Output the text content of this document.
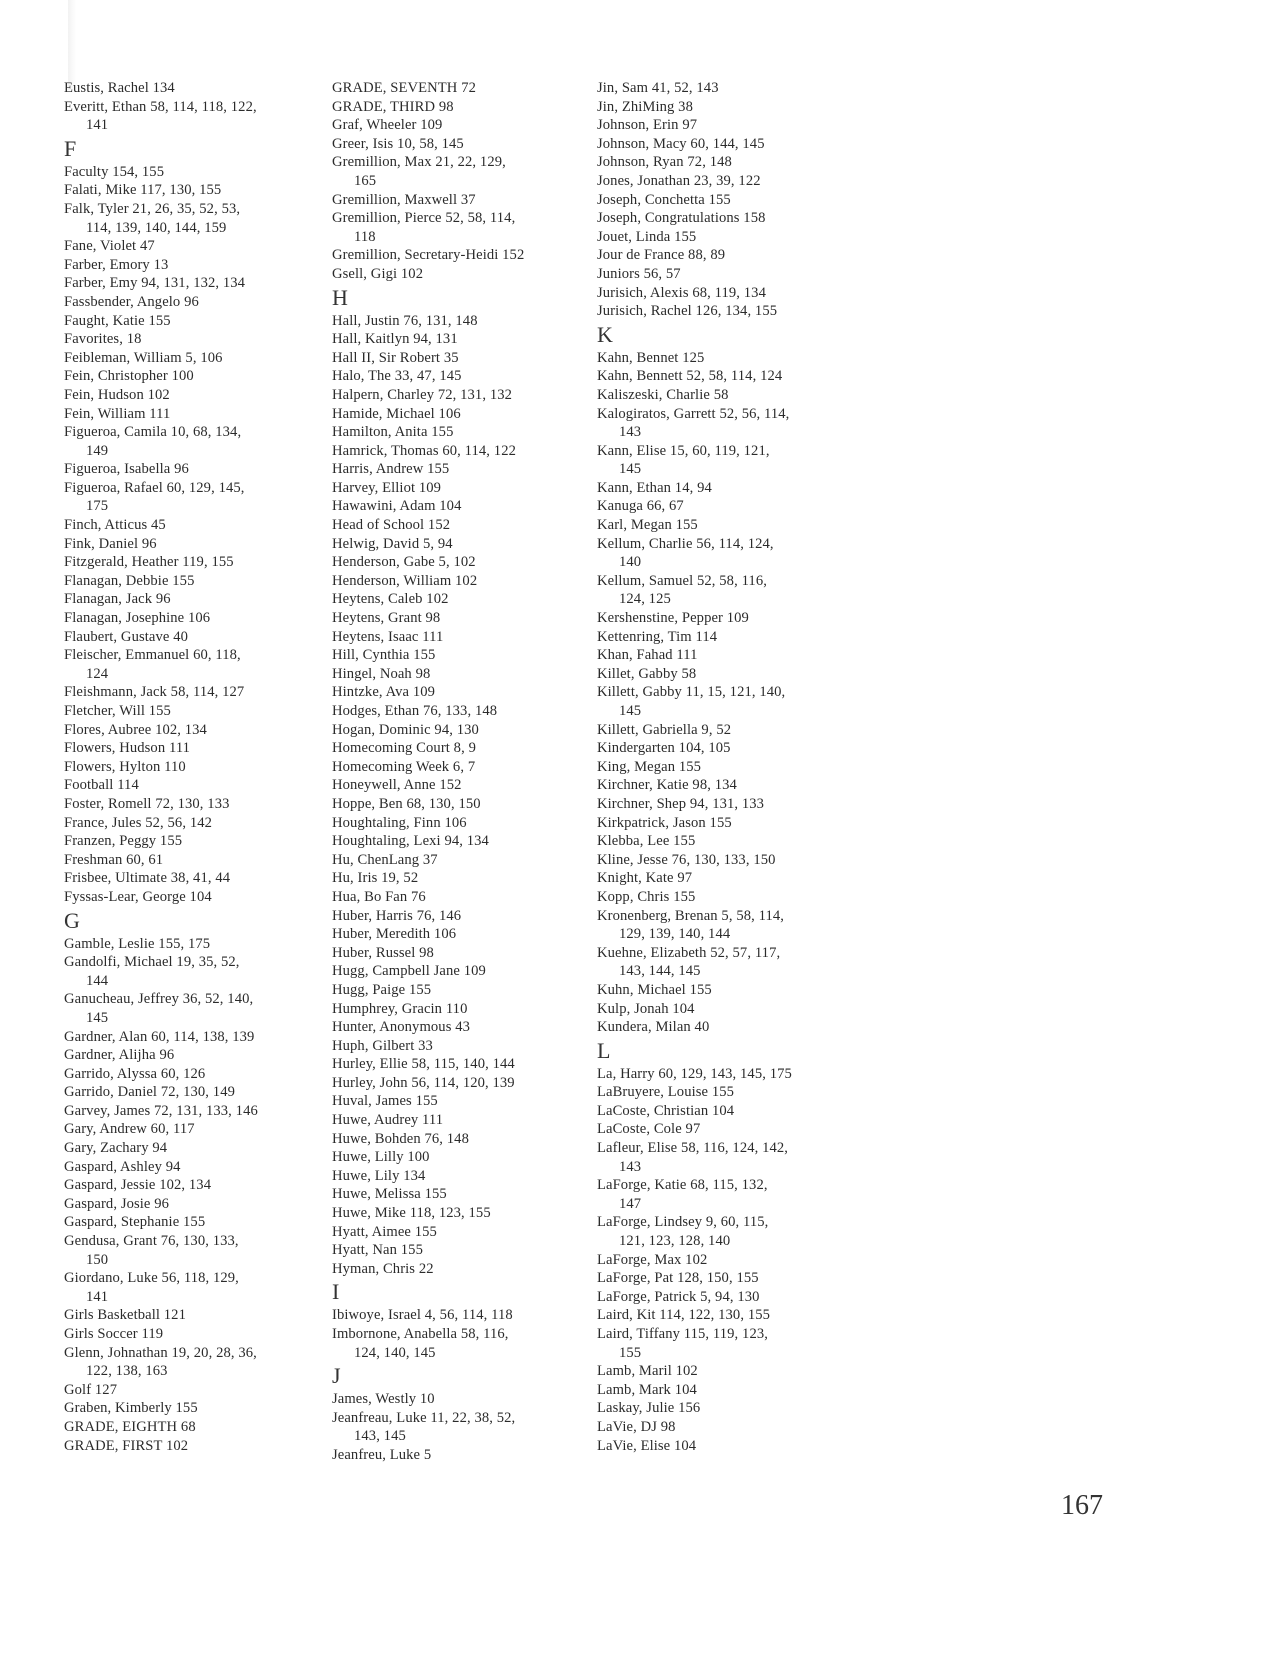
Eustis, Rachel 134
Everitt, Ethan 58, 114, 118, 122,
141
F
Faculty 154, 155
Falati, Mike 117, 130, 155
Falk, Tyler 21, 26, 35, 52, 53,
114, 139, 140, 144, 159
Fane, Violet 47
Farber, Emory 13
Farber, Emy 94, 131, 132, 134
Fassbender, Angelo 96
Faught, Katie 155
Favorites, 18
Feibleman, William 5, 106
Fein, Christopher 100
Fein, Hudson 102
Fein, William 111
Figueroa, Camila 10, 68, 134,
149
Figueroa, Isabella 96
Figueroa, Rafael 60, 129, 145,
175
Finch, Atticus 45
Fink, Daniel 96
Fitzgerald, Heather 119, 155
Flanagan, Debbie 155
Flanagan, Jack 96
Flanagan, Josephine 106
Flaubert, Gustave 40
Fleischer, Emmanuel 60, 118,
124
Fleishmann, Jack 58, 114, 127
Fletcher, Will 155
Flores, Aubree 102, 134
Flowers, Hudson 111
Flowers, Hylton 110
Football 114
Foster, Romell 72, 130, 133
France, Jules 52, 56, 142
Franzen, Peggy 155
Freshman 60, 61
Frisbee, Ultimate 38, 41, 44
Fyssas-Lear, George 104
G
Gamble, Leslie 155, 175
Gandolfi, Michael 19, 35, 52,
144
Ganucheau, Jeffrey 36, 52, 140,
145
Gardner, Alan 60, 114, 138, 139
Gardner, Alijha 96
Garrido, Alyssa 60, 126
Garrido, Daniel 72, 130, 149
Garvey, James 72, 131, 133, 146
Gary, Andrew 60, 117
Gary, Zachary 94
Gaspard, Ashley 94
Gaspard, Jessie 102, 134
Gaspard, Josie 96
Gaspard, Stephanie 155
Gendusa, Grant 76, 130, 133,
150
Giordano, Luke 56, 118, 129,
141
Girls Basketball 121
Girls Soccer 119
Glenn, Johnathan 19, 20, 28, 36,
122, 138, 163
Golf 127
Graben, Kimberly 155
GRADE, EIGHTH 68
GRADE, FIRST 102
GRADE, SEVENTH 72
GRADE, THIRD 98
Graf, Wheeler 109
Greer, Isis 10, 58, 145
Gremillion, Max 21, 22, 129,
165
Gremillion, Maxwell 37
Gremillion, Pierce 52, 58, 114,
118
Gremillion, Secretary-Heidi 152
Gsell, Gigi 102
H
Hall, Justin 76, 131, 148
Hall, Kaitlyn 94, 131
Hall II, Sir Robert 35
Halo, The 33, 47, 145
Halpern, Charley 72, 131, 132
Hamide, Michael 106
Hamilton, Anita 155
Hamrick, Thomas 60, 114, 122
Harris, Andrew 155
Harvey, Elliot 109
Hawawini, Adam 104
Head of School 152
Helwig, David 5, 94
Henderson, Gabe 5, 102
Henderson, William 102
Heytens, Caleb 102
Heytens, Grant 98
Heytens, Isaac 111
Hill, Cynthia 155
Hingel, Noah 98
Hintzke, Ava 109
Hodges, Ethan 76, 133, 148
Hogan, Dominic 94, 130
Homecoming Court 8, 9
Homecoming Week 6, 7
Honeywell, Anne 152
Hoppe, Ben 68, 130, 150
Houghtaling, Finn 106
Houghtaling, Lexi 94, 134
Hu, ChenLang 37
Hu, Iris 19, 52
Hua, Bo Fan 76
Huber, Harris 76, 146
Huber, Meredith 106
Huber, Russel 98
Hugg, Campbell Jane 109
Hugg, Paige 155
Humphrey, Gracin 110
Hunter, Anonymous 43
Huph, Gilbert 33
Hurley, Ellie 58, 115, 140, 144
Hurley, John 56, 114, 120, 139
Huval, James 155
Huwe, Audrey 111
Huwe, Bohden 76, 148
Huwe, Lilly 100
Huwe, Lily 134
Huwe, Melissa 155
Huwe, Mike 118, 123, 155
Hyatt, Aimee 155
Hyatt, Nan 155
Hyman, Chris 22
I
Ibiwoye, Israel 4, 56, 114, 118
Imbornone, Anabella 58, 116,
124, 140, 145
J
James, Westly 10
Jeanfreau, Luke 11, 22, 38, 52,
143, 145
Jeanfreu, Luke 5
Jin, Sam 41, 52, 143
Jin, ZhiMing 38
Johnson, Erin 97
Johnson, Macy 60, 144, 145
Johnson, Ryan 72, 148
Jones, Jonathan 23, 39, 122
Joseph, Conchetta 155
Joseph, Congratulations 158
Jouet, Linda 155
Jour de France 88, 89
Juniors 56, 57
Jurisich, Alexis 68, 119, 134
Jurisich, Rachel 126, 134, 155
K
Kahn, Bennet 125
Kahn, Bennett 52, 58, 114, 124
Kaliszeski, Charlie 58
Kalogiratos, Garrett 52, 56, 114,
143
Kann, Elise 15, 60, 119, 121,
145
Kann, Ethan 14, 94
Kanuga 66, 67
Karl, Megan 155
Kellum, Charlie 56, 114, 124,
140
Kellum, Samuel 52, 58, 116,
124, 125
Kershenstine, Pepper 109
Kettenring, Tim 114
Khan, Fahad 111
Killet, Gabby 58
Killett, Gabby 11, 15, 121, 140,
145
Killett, Gabriella 9, 52
Kindergarten 104, 105
King, Megan 155
Kirchner, Katie 98, 134
Kirchner, Shep 94, 131, 133
Kirkpatrick, Jason 155
Klebba, Lee 155
Kline, Jesse 76, 130, 133, 150
Knight, Kate 97
Kopp, Chris 155
Kronenberg, Brenan 5, 58, 114,
129, 139, 140, 144
Kuehne, Elizabeth 52, 57, 117,
143, 144, 145
Kuhn, Michael 155
Kulp, Jonah 104
Kundera, Milan 40
L
La, Harry 60, 129, 143, 145, 175
LaBruyere, Louise 155
LaCoste, Christian 104
LaCoste, Cole 97
Lafleur, Elise 58, 116, 124, 142,
143
LaForge, Katie 68, 115, 132,
147
LaForge, Lindsey 9, 60, 115,
121, 123, 128, 140
LaForge, Max 102
LaForge, Pat 128, 150, 155
LaForge, Patrick 5, 94, 130
Laird, Kit 114, 122, 130, 155
Laird, Tiffany 115, 119, 123,
155
Lamb, Maril 102
Lamb, Mark 104
Laskay, Julie 156
LaVie, DJ 98
LaVie, Elise 104
167
